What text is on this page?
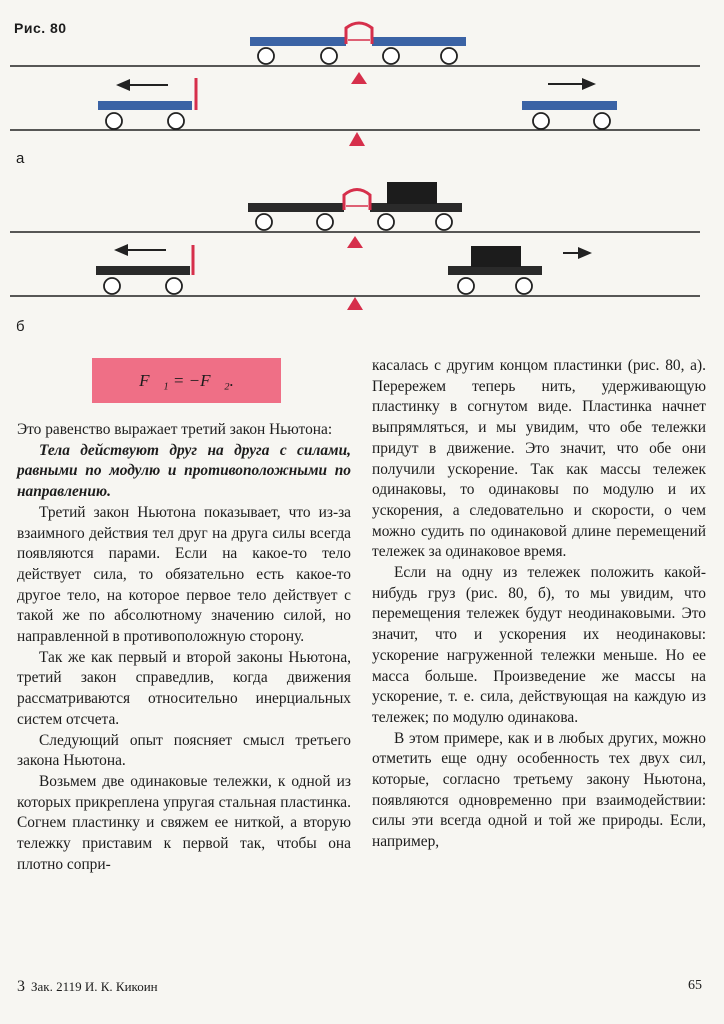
Рис. 80
а
б
F⃗₁ = −F⃗₂.

Это равенство выражает третий закон Ньютона:

Тела действуют друг на друга с силами, равными по модулю и противоположными по направлению.

Третий закон Ньютона показывает, что из-за взаимного действия тел друг на друга силы всегда появляются парами. Если на какое-то тело действует сила, то обязательно есть какое-то другое тело, на которое первое тело действует с такой же по абсолютному значению силой, но направленной в противоположную сторону.

Так же как первый и второй законы Ньютона, третий закон справедлив, когда движения рассматриваются относительно инерциальных систем отсчета.

Следующий опыт поясняет смысл третьего закона Ньютона.

Возьмем две одинаковые тележки, к одной из которых прикреплена упругая стальная пластинка. Согнем пластинку и свяжем ее ниткой, а вторую тележку приставим к первой так, чтобы она плотно сопри-

касалась с другим концом пластинки (рис. 80, а). Перережем теперь нить, удерживающую пластинку в согнутом виде. Пластинка начнет выпрямляться, и мы увидим, что обе тележки придут в движение. Это значит, что обе они получили ускорение. Так как массы тележек одинаковы, то одинаковы по модулю и их ускорения, а следовательно и скорости, о чем можно судить по одинаковой длине перемещений тележек за одинаковое время.

Если на одну из тележек положить какой-нибудь груз (рис. 80, б), то мы увидим, что перемещения тележек будут неодинаковыми. Это значит, что и ускорения их неодинаковы: ускорение нагруженной тележки меньше. Но ее масса больше. Произведение же массы на ускорение, т. е. сила, действующая на каждую из тележек; по модулю одинакова.

В этом примере, как и в любых других, можно отметить еще одну особенность тех двух сил, которые, согласно третьему закону Ньютона, появляются одновременно при взаимодействии: силы эти всегда одной и той же природы. Если, например,

3 Зак. 2119 И. К. Кикоин	65
